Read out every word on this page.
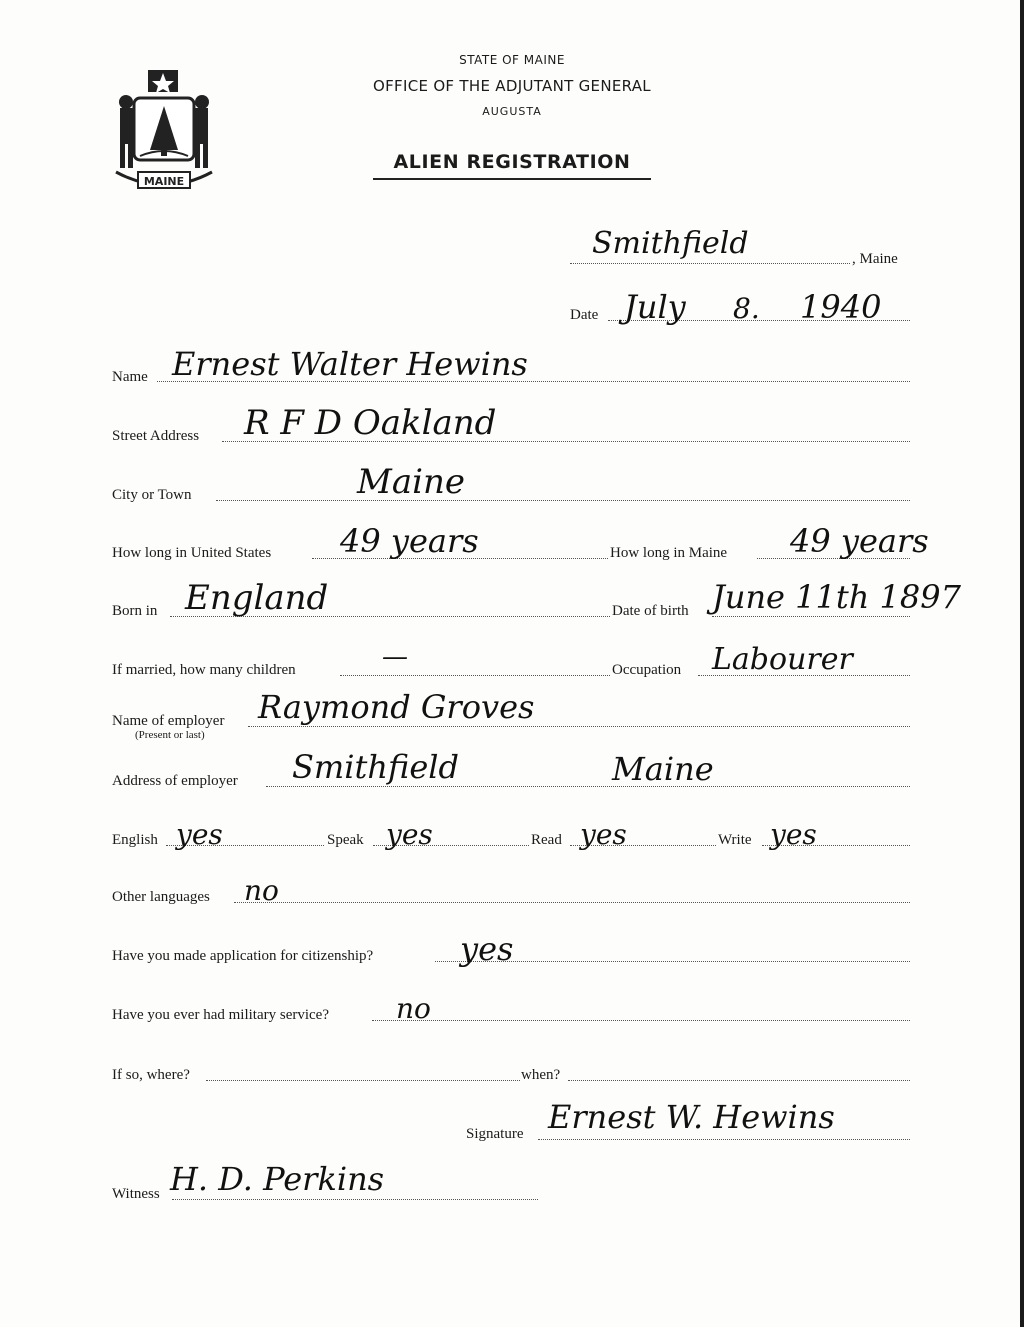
MAINE
STATE OF MAINE
OFFICE OF THE ADJUTANT GENERAL
AUGUSTA
ALIEN REGISTRATION
Smithfield	, Maine
Date July 8. 1940
Name Ernest Walter Hewins
Street Address R F D Oakland
City or Town	Maine
How long in United States 49 years	How long in Maine 49 years
Born in England	Date of birth June 11th 1897
If married, how many children	—	Occupation Labourer
Name of employer
(Present or last)
Raymond Groves
Address of employer Smithfield	Maine
English yes	Speak yes	Read yes	Write yes
Other languages no
Have you made application for citizenship?	yes
Have you ever had military service? no
If so, where?	when?
Signature Ernest W. Hewins
Witness H. D. Perkins
